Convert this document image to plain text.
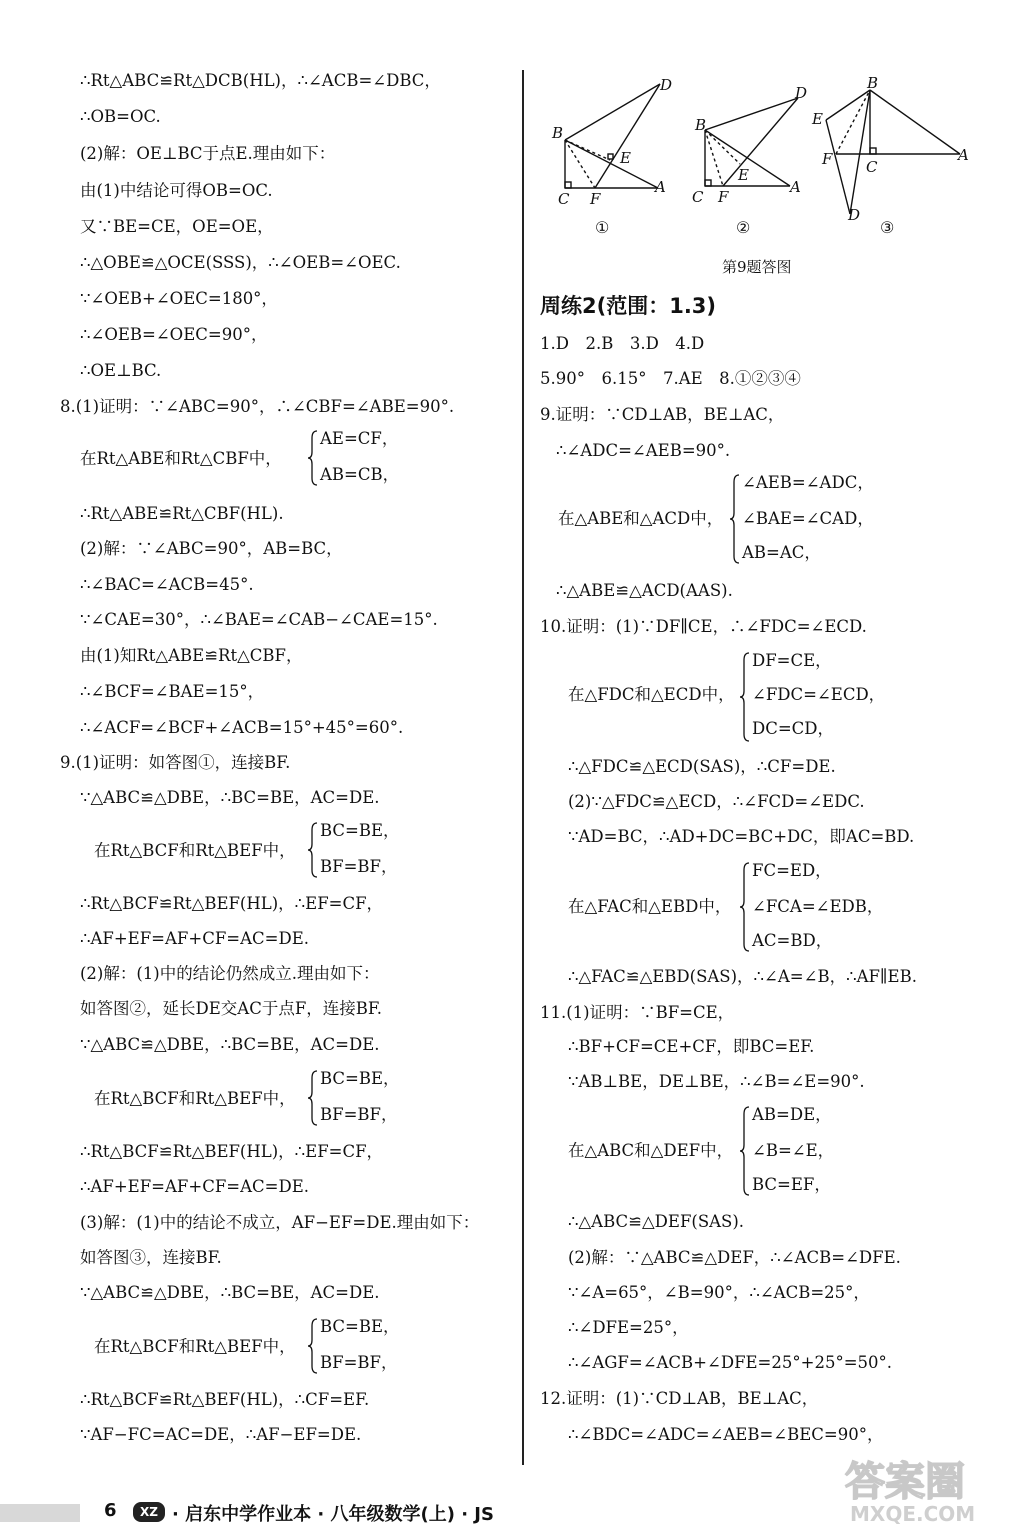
∴Rt△ABC≌Rt△DCB(HL)，∴∠ACB=∠DBC，
∴OB=OC.
(2)解：OE⊥BC于点E.理由如下：
由(1)中结论可得OB=OC.
又∵BE=CE，OE=OE，
∴△OBE≌△OCE(SSS)，∴∠OEB=∠OEC.
∵∠OEB+∠OEC=180°，
∴∠OEB=∠OEC=90°，
∴OE⊥BC.
8.(1)证明：∵∠ABC=90°，∴∠CBF=∠ABE=90°.
在Rt△ABE和Rt△CBF中，
AE=CF，
AB=CB，
∴Rt△ABE≌Rt△CBF(HL).
(2)解：∵∠ABC=90°，AB=BC，
∴∠BAC=∠ACB=45°.
∵∠CAE=30°，∴∠BAE=∠CAB−∠CAE=15°.
由(1)知Rt△ABE≌Rt△CBF，
∴∠BCF=∠BAE=15°，
∴∠ACF=∠BCF+∠ACB=15°+45°=60°.
9.(1)证明：如答图①，连接BF.
∵△ABC≌△DBE，∴BC=BE，AC=DE.
在Rt△BCF和Rt△BEF中，
BC=BE，
BF=BF，
∴Rt△BCF≌Rt△BEF(HL)，∴EF=CF，
∴AF+EF=AF+CF=AC=DE.
(2)解：(1)中的结论仍然成立.理由如下：
如答图②，延长DE交AC于点F，连接BF.
∵△ABC≌△DBE，∴BC=BE，AC=DE.
在Rt△BCF和Rt△BEF中，
BC=BE，
BF=BF，
∴Rt△BCF≌Rt△BEF(HL)，∴EF=CF，
∴AF+EF=AF+CF=AC=DE.
(3)解：(1)中的结论不成立，AF−EF=DE.理由如下：
如答图③，连接BF.
∵△ABC≌△DBE，∴BC=BE，AC=DE.
在Rt△BCF和Rt△BEF中，
BC=BE，
BF=BF，
∴Rt△BCF≌Rt△BEF(HL)，∴CF=EF.
∵AF−FC=AC=DE，∴AF−EF=DE.
B
D
E
C F
A
B
D
E
C F
A
B
E
F C
A
D
①	②	③
第9题答图
周练2(范围：1.3)
1.D　2.B　3.D　4.D
5.90°　6.15°　7.AE　8.①②③④
9.证明：∵CD⊥AB，BE⊥AC，
∴∠ADC=∠AEB=90°.
在△ABE和△ACD中，
∠AEB=∠ADC，
∠BAE=∠CAD，
AB=AC，
∴△ABE≌△ACD(AAS).
10.证明：(1)∵DF∥CE，∴∠FDC=∠ECD.
在△FDC和△ECD中，
DF=CE，
∠FDC=∠ECD，
DC=CD，
∴△FDC≌△ECD(SAS)，∴CF=DE.
(2)∵△FDC≌△ECD，∴∠FCD=∠EDC.
∵AD=BC，∴AD+DC=BC+DC，即AC=BD.
在△FAC和△EBD中，
FC=ED，
∠FCA=∠EDB，
AC=BD，
∴△FAC≌△EBD(SAS)，∴∠A=∠B，∴AF∥EB.
11.(1)证明：∵BF=CE，
∴BF+CF=CE+CF，即BC=EF.
∵AB⊥BE，DE⊥BE，∴∠B=∠E=90°.
在△ABC和△DEF中，
AB=DE，
∠B=∠E，
BC=EF，
∴△ABC≌△DEF(SAS).
(2)解：∵△ABC≌△DEF，∴∠ACB=∠DFE.
∵∠A=65°，∠B=90°，∴∠ACB=25°，
∴∠DFE=25°，
∴∠AGF=∠ACB+∠DFE=25°+25°=50°.
12.证明：(1)∵CD⊥AB，BE⊥AC，
∴∠BDC=∠ADC=∠AEB=∠BEC=90°，
6	XZ · 启东中学作业本 · 八年级数学(上) · JS
答案圈
MXQE.COM
